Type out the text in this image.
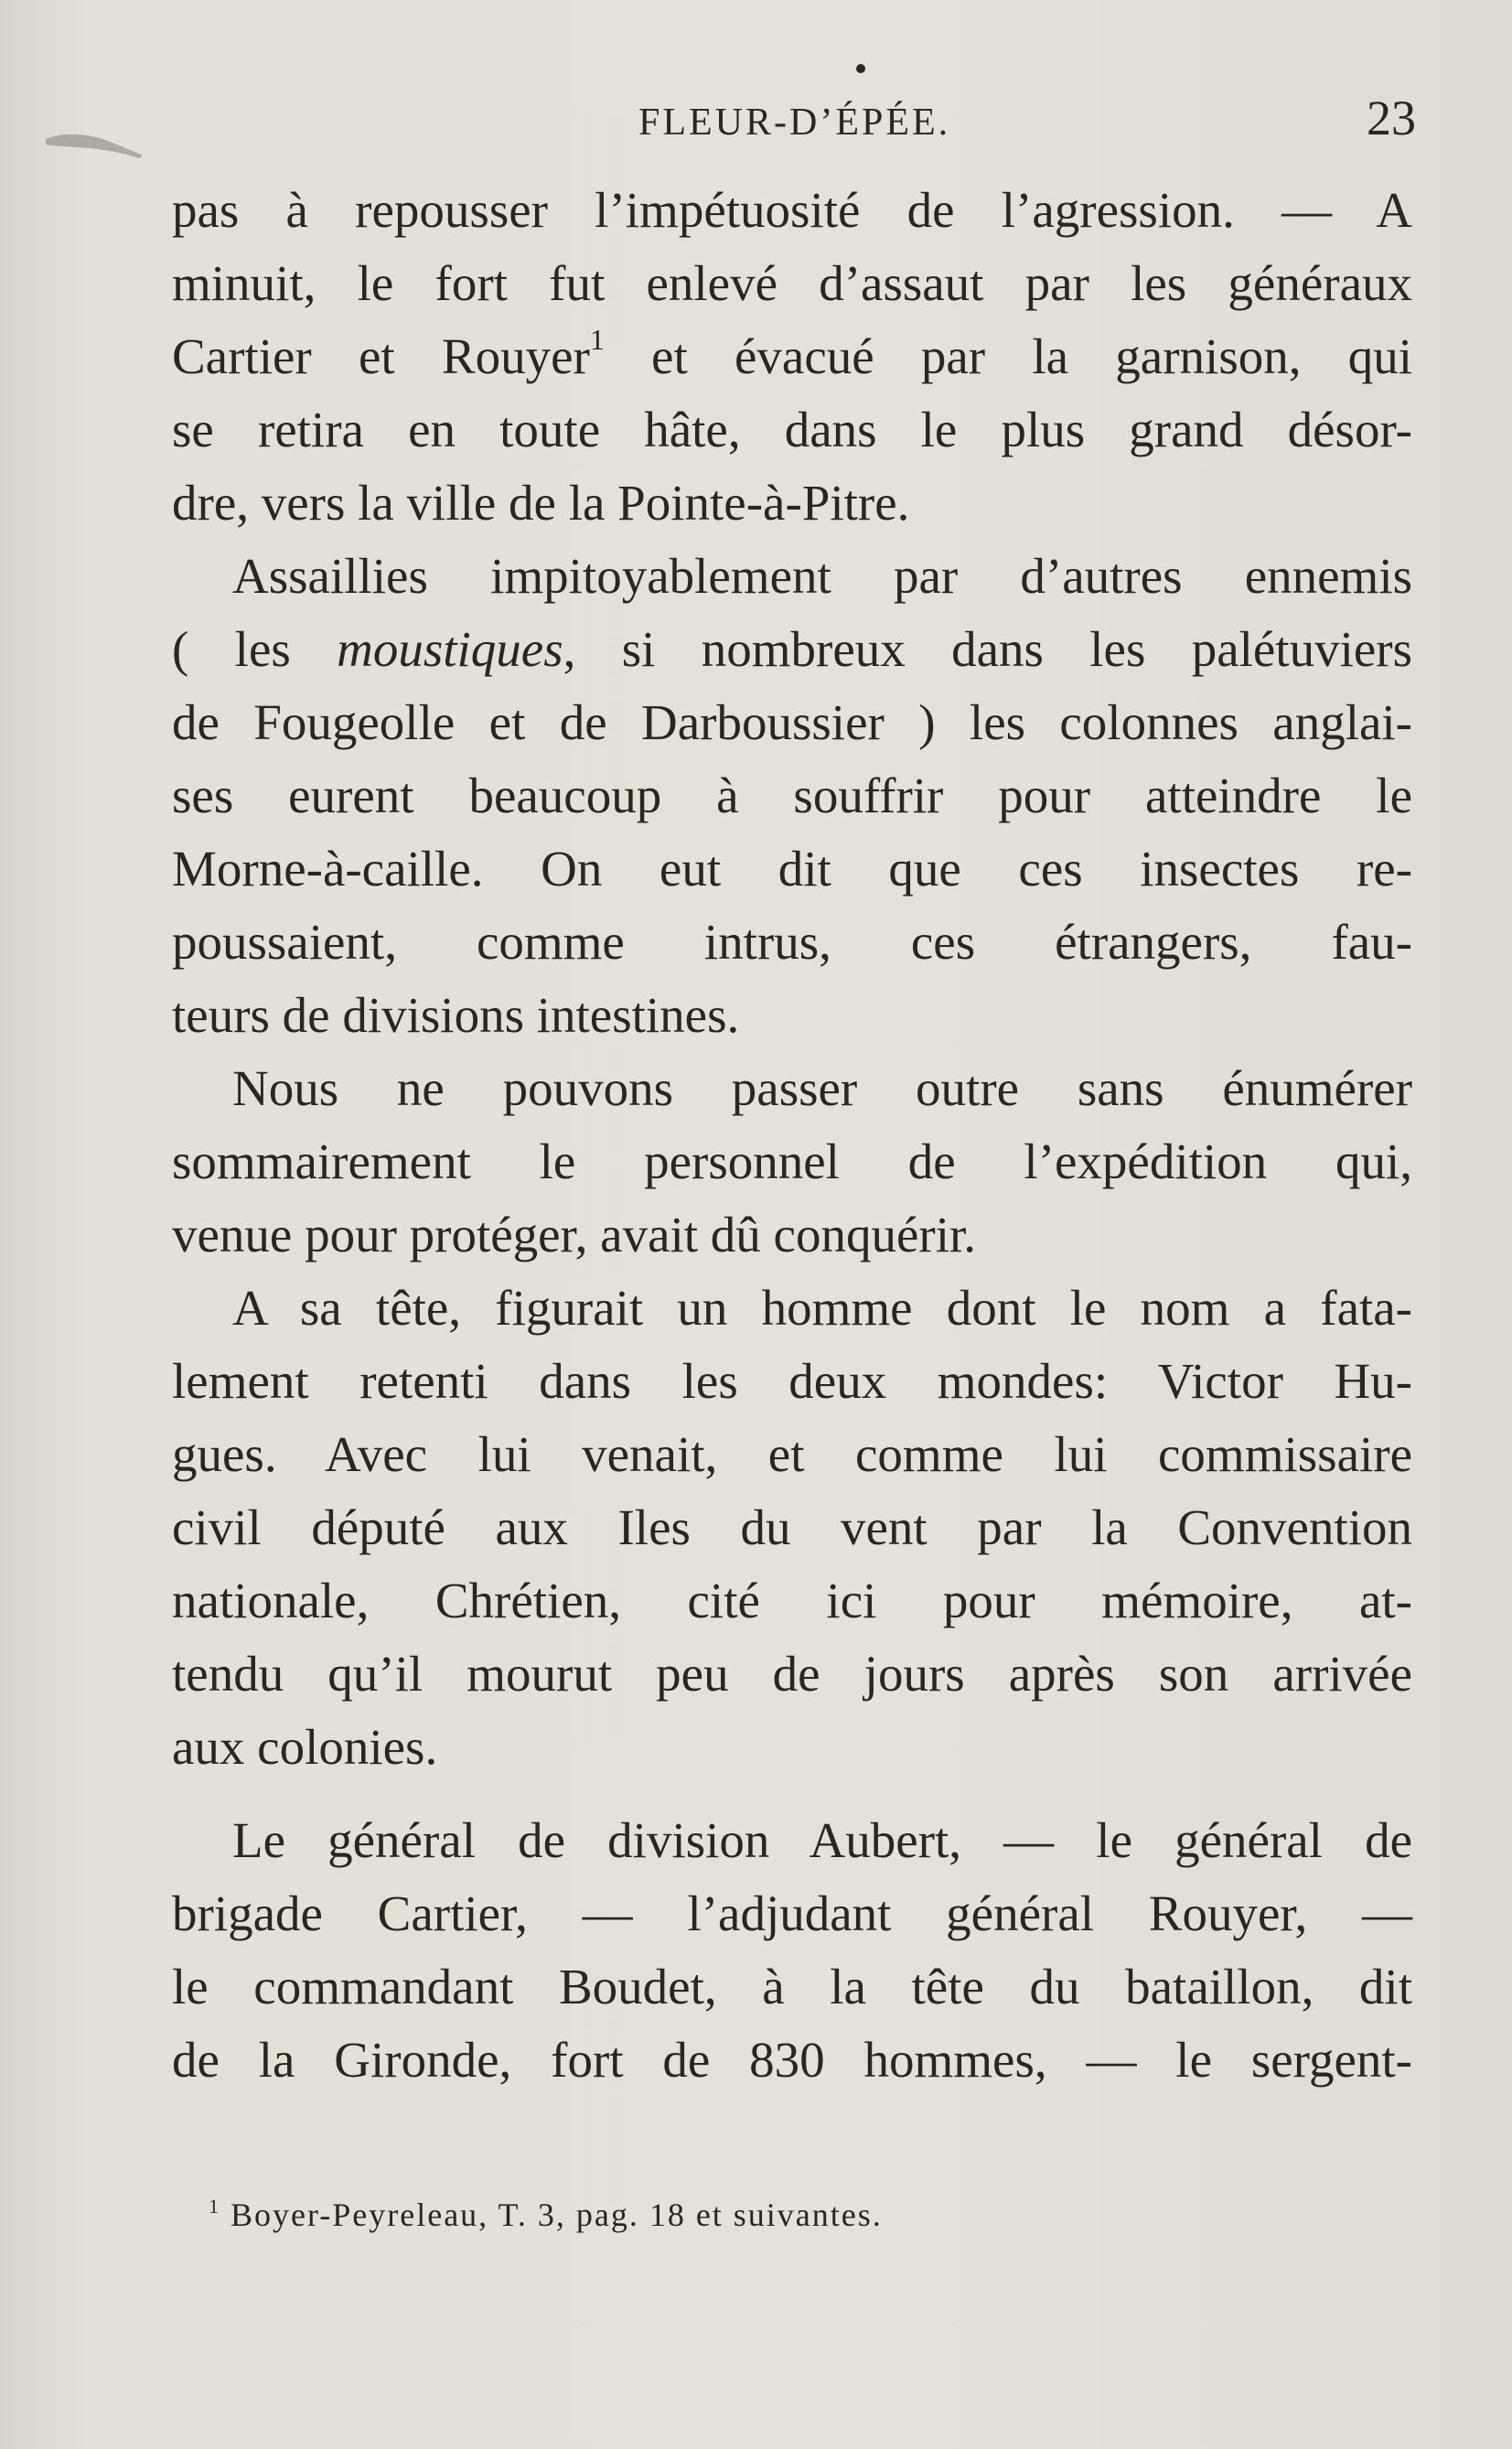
FLEUR-D’ÉPÉE.	23

pas à repousser l’impétuosité de l’agression. — A
minuit, le fort fut enlevé d’assaut par les généraux
Cartier et Rouyer$^1$ et évacué par la garnison, qui
se retira en toute hâte, dans le plus grand désor-
dre, vers la ville de la Pointe-à-Pitre.

Assaillies impitoyablement par d’autres ennemis
( les moustiques, si nombreux dans les palétuviers
de Fougeolle et de Darboussier ) les colonnes anglai-
ses eurent beaucoup à souffrir pour atteindre le
Morne-à-caille. On eut dit que ces insectes re-
poussaient, comme intrus, ces étrangers, fau-
teurs de divisions intestines.

Nous ne pouvons passer outre sans énumérer
sommairement le personnel de l’expédition qui,
venue pour protéger, avait dû conquérir.

A sa tête, figurait un homme dont le nom a fata-
lement retenti dans les deux mondes: Victor Hu-
gues. Avec lui venait, et comme lui commissaire
civil député aux Iles du vent par la Convention
nationale, Chrétien, cité ici pour mémoire, at-
tendu qu’il mourut peu de jours après son arrivée
aux colonies.

Le général de division Aubert, — le général de
brigade Cartier, — l’adjudant général Rouyer, —
le commandant Boudet, à la tête du bataillon, dit
de la Gironde, fort de 830 hommes, — le sergent-

$^1$ Boyer-Peyreleau, T. 3, pag. 18 et suivantes.
